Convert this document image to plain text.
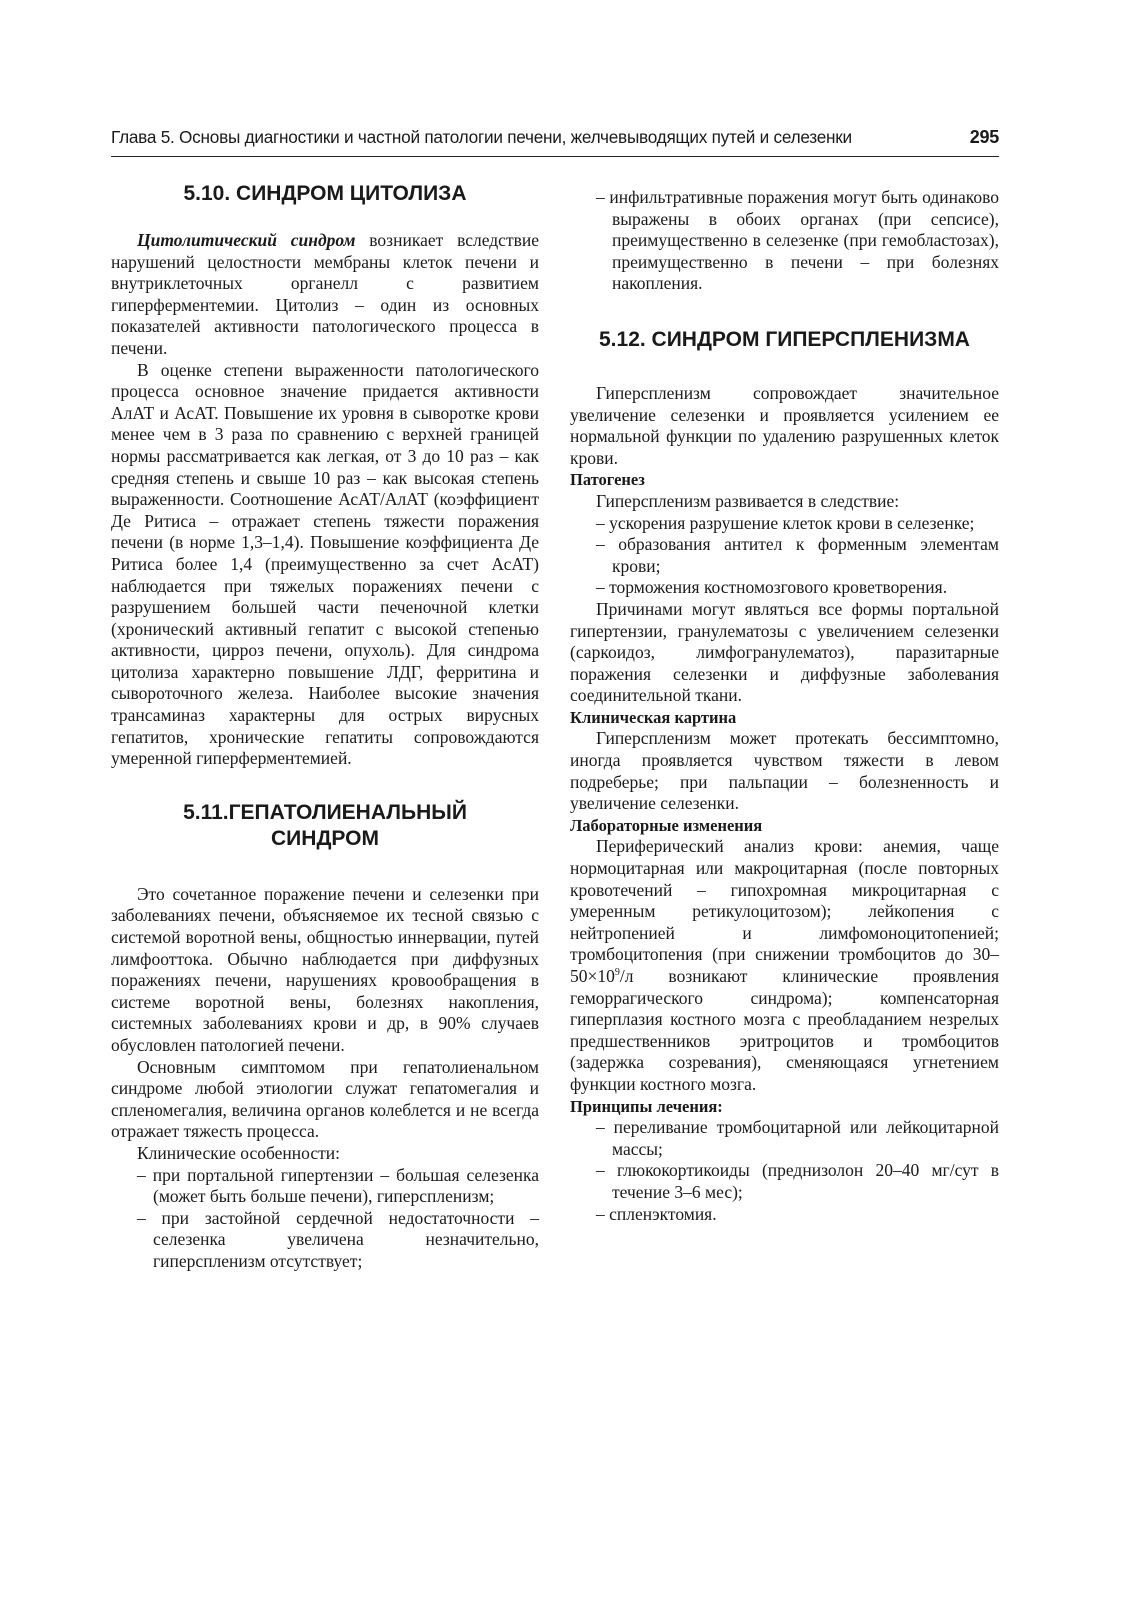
Глава 5. Основы диагностики и частной патологии печени, желчевыводящих путей и селезенки	295
5.10. СИНДРОМ ЦИТОЛИЗА

Цитолитический синдром возникает вследствие нарушений целостности мембраны клеток печени и внутриклеточных органелл с развитием гиперферментемии. Цитолиз – один из основных показателей активности патологического процесса в печени.

В оценке степени выраженности патологического процесса основное значение придается активности АлАТ и АсАТ. Повышение их уровня в сыворотке крови менее чем в 3 раза по сравнению с верхней границей нормы рассматривается как легкая, от 3 до 10 раз – как средняя степень и свыше 10 раз – как высокая степень выраженности. Соотношение АсАТ/АлАТ (коэффициент Де Ритиса – отражает степень тяжести поражения печени (в норме 1,3–1,4). Повышение коэффициента Де Ритиса более 1,4 (преимущественно за счет АсАТ) наблюдается при тяжелых поражениях печени с разрушением большей части печеночной клетки (хронический активный гепатит с высокой степенью активности, цирроз печени, опухоль). Для синдрома цитолиза характерно повышение ЛДГ, ферритина и сывороточного железа. Наиболее высокие значения трансаминаз характерны для острых вирусных гепатитов, хронические гепатиты сопровождаются умеренной гиперферментемией.

5.11.ГЕПАТОЛИЕНАЛЬНЫЙ
СИНДРОМ

Это сочетанное поражение печени и селезенки при заболеваниях печени, объясняемое их тесной связью с системой воротной вены, общностью иннервации, путей лимфооттока. Обычно наблюдается при диффузных поражениях печени, нарушениях кровообращения в системе воротной вены, болезнях накопления, системных заболеваниях крови и др, в 90% случаев обусловлен патологией печени.

Основным симптомом при гепатолиенальном синдроме любой этиологии служат гепатомегалия и спленомегалия, величина органов колеблется и не всегда отражает тяжесть процесса.

Клинические особенности:

– при портальной гипертензии – большая селезенка (может быть больше печени), гиперспленизм;

– при застойной сердечной недостаточности – селезенка увеличена незначительно, гиперспленизм отсутствует;

– инфильтративные поражения могут быть одинаково выражены в обоих органах (при сепсисе), преимущественно в селезенке (при гемобластозах), преимущественно в печени – при болезнях накопления.

5.12. СИНДРОМ ГИПЕРСПЛЕНИЗМА

Гиперспленизм сопровождает значительное увеличение селезенки и проявляется усилением ее нормальной функции по удалению разрушенных клеток крови.

Патогенез

Гиперспленизм развивается в следствие:

– ускорения разрушение клеток крови в селезенке;

– образования антител к форменным элементам крови;

– торможения костномозгового кроветворения.

Причинами могут являться все формы портальной гипертензии, гранулематозы с увеличением селезенки (саркоидоз, лимфогранулематоз), паразитарные поражения селезенки и диффузные заболевания соединительной ткани.

Клиническая картина

Гиперспленизм может протекать бессимптомно, иногда проявляется чувством тяжести в левом подреберье; при пальпации – болезненность и увеличение селезенки.

Лабораторные изменения

Периферический анализ крови: анемия, чаще нормоцитарная или макроцитарная (после повторных кровотечений – гипохромная микроцитарная с умеренным ретикулоцитозом); лейкопения с нейтропенией и лимфомоноцитопенией; тромбоцитопения (при снижении тромбоцитов до $30-50\times 10^9/л$ возникают клинические проявления геморрагического синдрома); компенсаторная гиперплазия костного мозга с преобладанием незрелых предшественников эритроцитов и тромбоцитов (задержка созревания), сменяющаяся угнетением функции костного мозга.

Принципы лечения:

– переливание тромбоцитарной или лейкоцитарной массы;

– глюкокортикоиды (преднизолон 20–40 мг/сут в течение 3–6 мес);

– спленэктомия.
